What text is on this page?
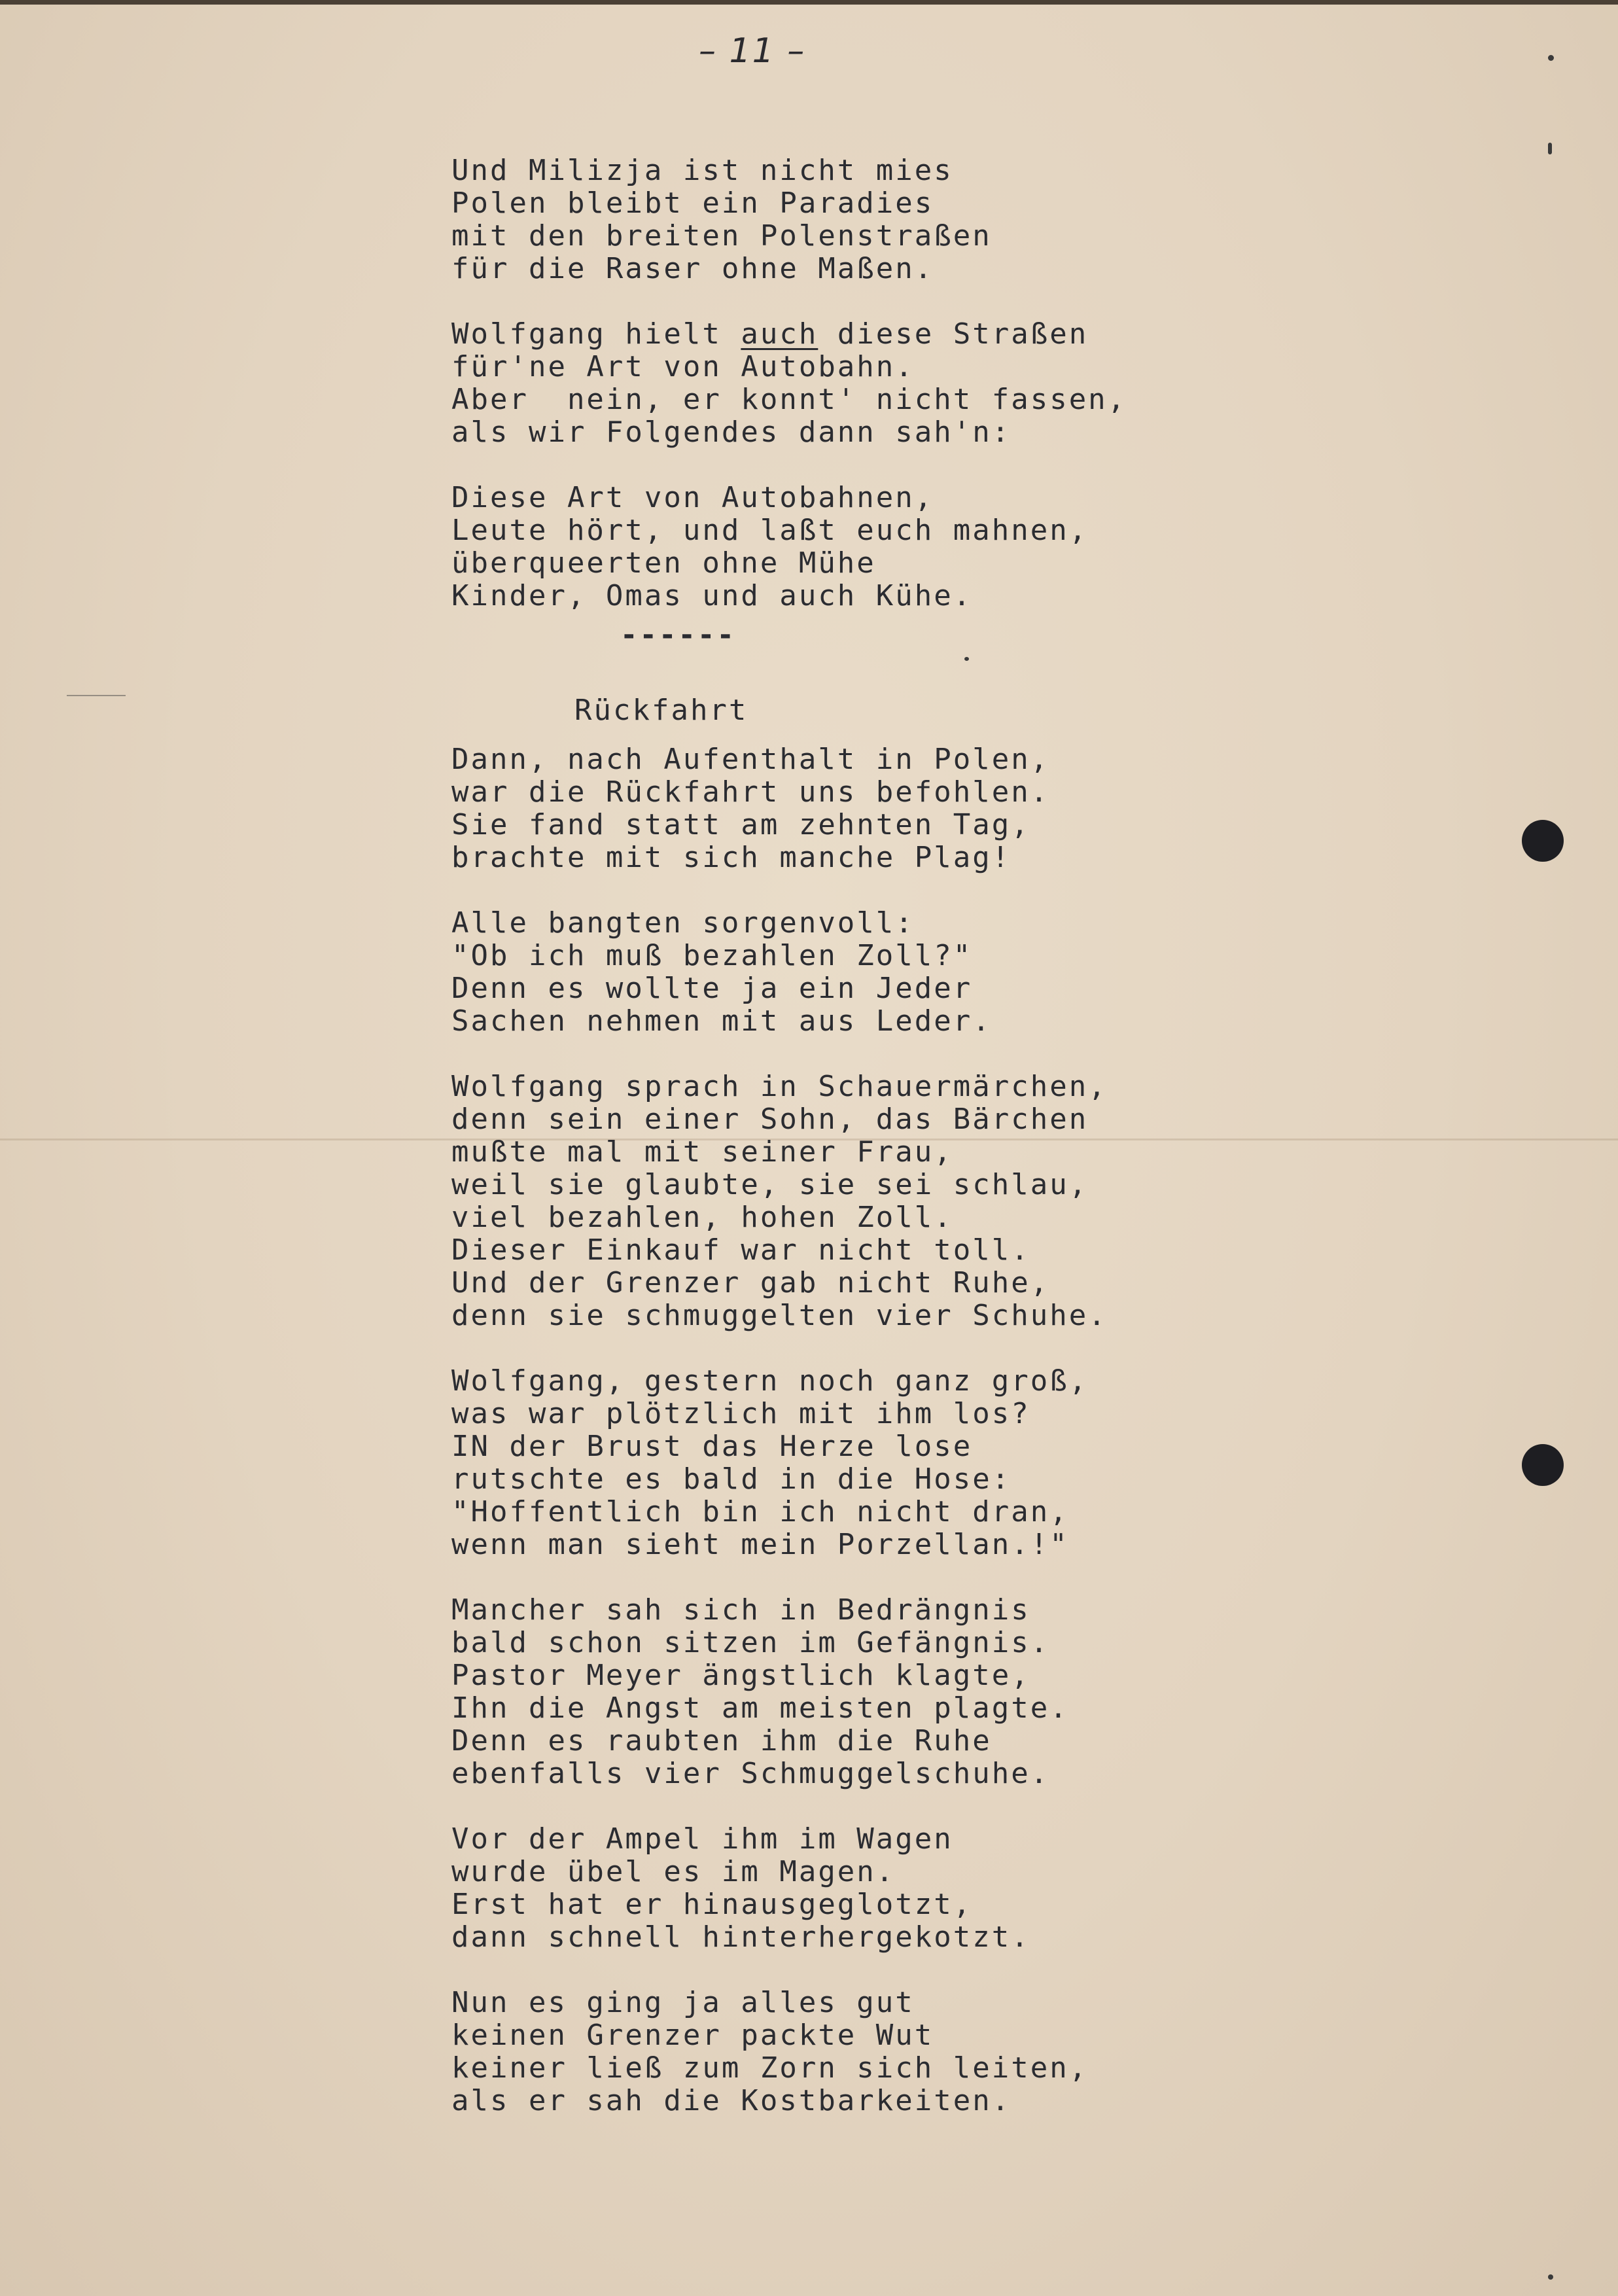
– 11 –
Und Milizja ist nicht mies
Polen bleibt ein Paradies
mit den breiten Polenstraßen
für die Raser ohne Maßen.
Wolfgang hielt auch diese Straßen
für'ne Art von Autobahn.
Aber  nein, er konnt' nicht fassen,
als wir Folgendes dann sah'n:
Diese Art von Autobahnen,
Leute hört, und laßt euch mahnen,
überqueerten ohne Mühe
Kinder, Omas und auch Kühe.
------
Rückfahrt
Dann, nach Aufenthalt in Polen,
war die Rückfahrt uns befohlen.
Sie fand statt am zehnten Tag,
brachte mit sich manche Plag!
Alle bangten sorgenvoll:
"Ob ich muß bezahlen Zoll?"
Denn es wollte ja ein Jeder
Sachen nehmen mit aus Leder.
Wolfgang sprach in Schauermärchen,
denn sein einer Sohn, das Bärchen
mußte mal mit seiner Frau,
weil sie glaubte, sie sei schlau,
viel bezahlen, hohen Zoll.
Dieser Einkauf war nicht toll.
Und der Grenzer gab nicht Ruhe,
denn sie schmuggelten vier Schuhe.
Wolfgang, gestern noch ganz groß,
was war plötzlich mit ihm los?
IN der Brust das Herze lose
rutschte es bald in die Hose:
"Hoffentlich bin ich nicht dran,
wenn man sieht mein Porzellan.!"
Mancher sah sich in Bedrängnis
bald schon sitzen im Gefängnis.
Pastor Meyer ängstlich klagte,
Ihn die Angst am meisten plagte.
Denn es raubten ihm die Ruhe
ebenfalls vier Schmuggelschuhe.
Vor der Ampel ihm im Wagen
wurde übel es im Magen.
Erst hat er hinausgeglotzt,
dann schnell hinterhergekotzt.
Nun es ging ja alles gut
keinen Grenzer packte Wut
keiner ließ zum Zorn sich leiten,
als er sah die Kostbarkeiten.
